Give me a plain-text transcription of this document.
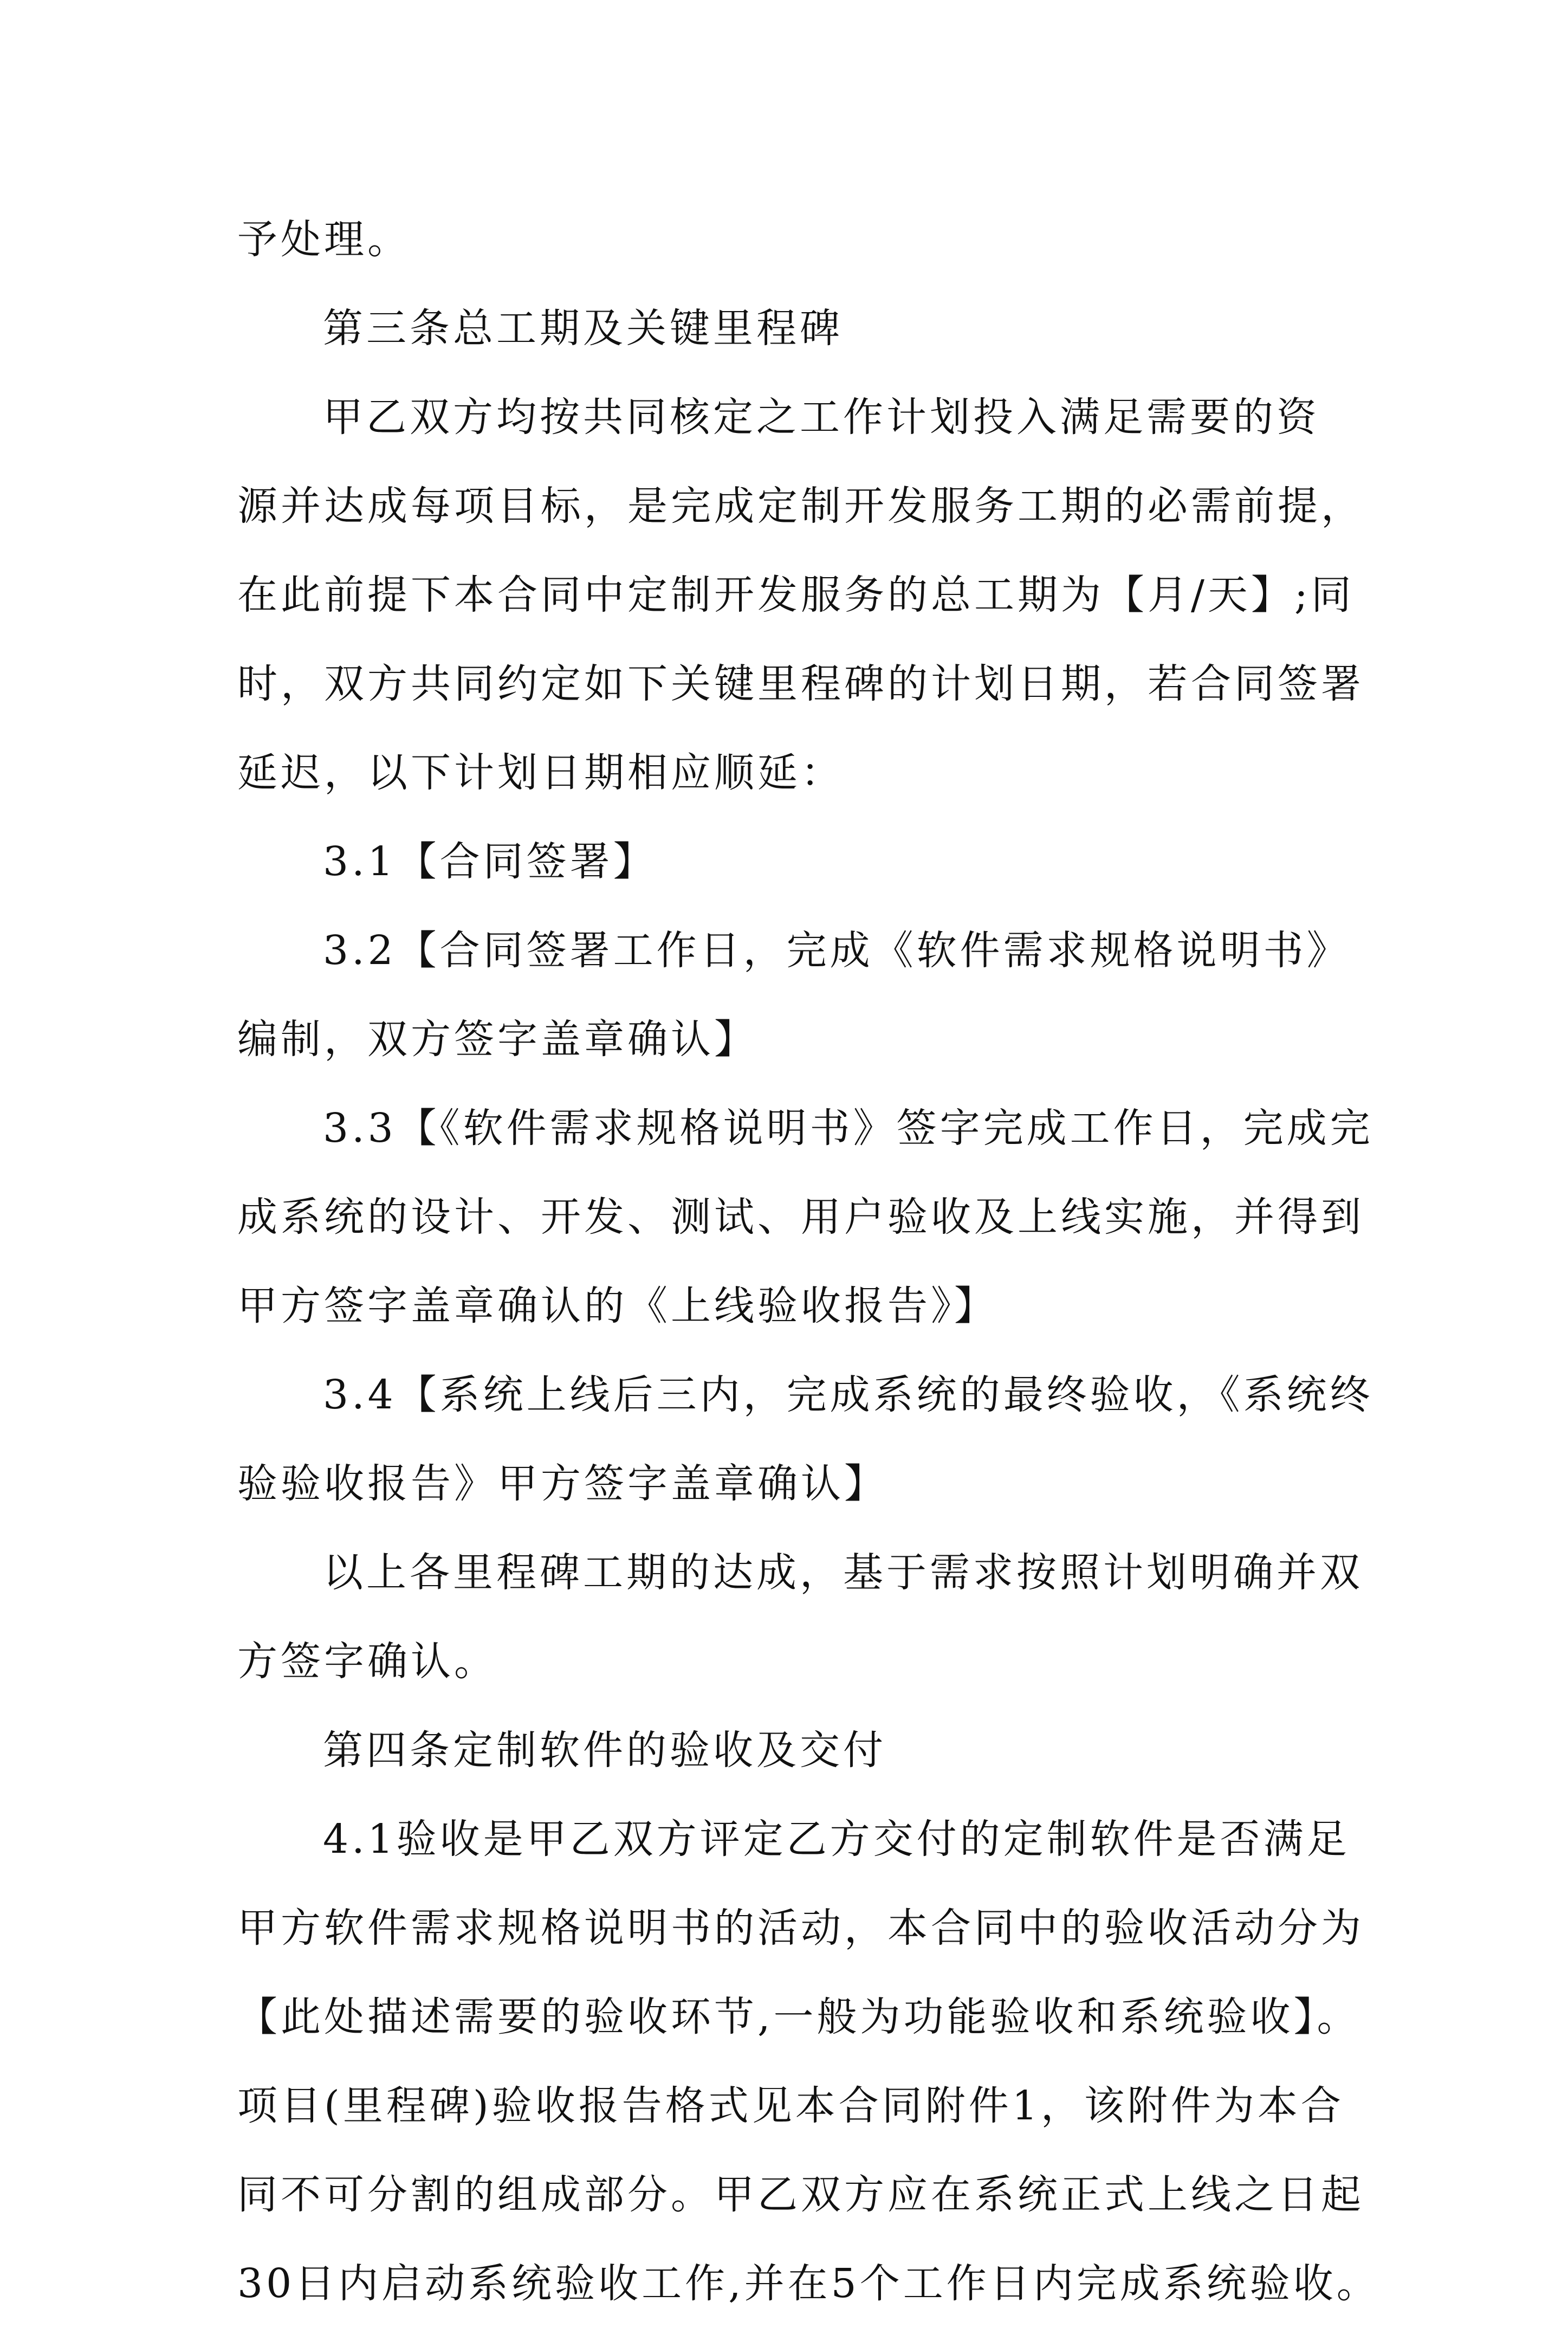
予处理。
第三条总工期及关键里程碑
甲乙双方均按共同核定之工作计划投入满足需要的资
源并达成每项目标，是完成定制开发服务工期的必需前提，
在此前提下本合同中定制开发服务的总工期为【月/天】;同
时，双方共同约定如下关键里程碑的计划日期，若合同签署
延迟，以下计划日期相应顺延：
3.1【合同签署】
3.2【合同签署工作日，完成《软件需求规格说明书》
编制，双方签字盖章确认】
3.3【《软件需求规格说明书》签字完成工作日，完成完
成系统的设计、开发、测试、用户验收及上线实施，并得到
甲方签字盖章确认的《上线验收报告》】
3.4【系统上线后三内，完成系统的最终验收，《系统终
验验收报告》甲方签字盖章确认】
以上各里程碑工期的达成，基于需求按照计划明确并双
方签字确认。
第四条定制软件的验收及交付
4.1验收是甲乙双方评定乙方交付的定制软件是否满足
甲方软件需求规格说明书的活动，本合同中的验收活动分为
【此处描述需要的验收环节,一般为功能验收和系统验收】。
项目(里程碑)验收报告格式见本合同附件1，该附件为本合
同不可分割的组成部分。甲乙双方应在系统正式上线之日起
30日内启动系统验收工作,并在5个工作日内完成系统验收。
